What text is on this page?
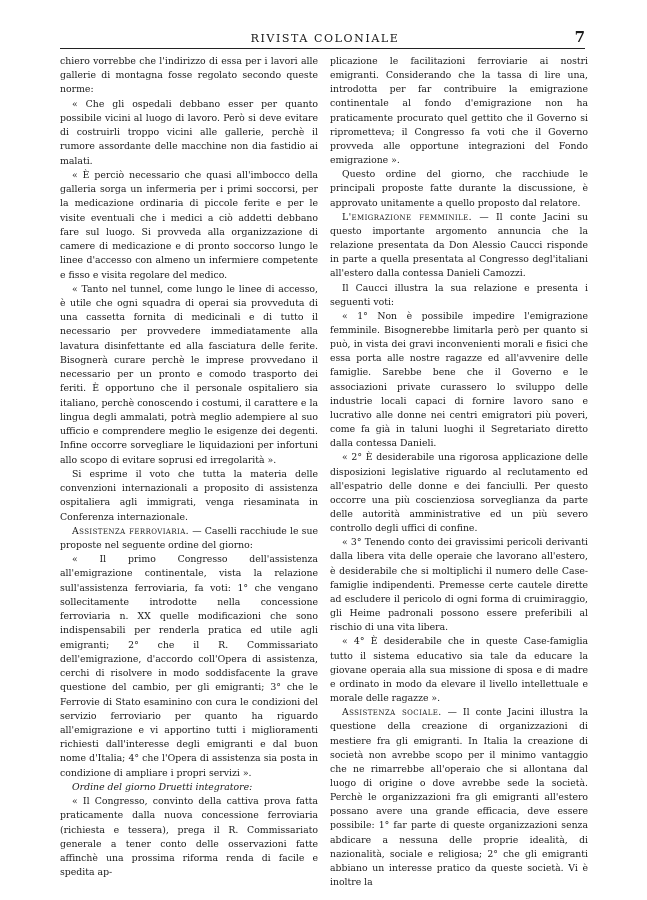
RIVISTA COLONIALE	7

chiero vorrebbe che l'indirizzo di essa per i lavori alle gallerie di montagna fosse regolato secondo queste norme:

« Che gli ospedali debbano esser per quanto possibile vicini al luogo di lavoro. Però si deve evitare di costruirli troppo vicini alle gallerie, perchè il rumore assordante delle macchine non dia fastidio ai malati.

« È perciò necessario che quasi all'imbocco della galleria sorga un infermeria per i primi soccorsi, per la medicazione ordinaria di piccole ferite e per le visite eventuali che i medici a ciò addetti debbano fare sul luogo. Si provveda alla organizzazione di camere di medicazione e di pronto soccorso lungo le linee d'accesso con almeno un infermiere competente e fisso e visita regolare del medico.

« Tanto nel tunnel, come lungo le linee di accesso, è utile che ogni squadra di operai sia provveduta di una cassetta fornita di medicinali e di tutto il necessario per provvedere immediatamente alla lavatura disinfettante ed alla fasciatura delle ferite. Bisognerà curare perchè le imprese provvedano il necessario per un pronto e comodo trasporto dei feriti. È opportuno che il personale ospitaliero sia italiano, perchè conoscendo i costumi, il carattere e la lingua degli ammalati, potrà meglio adempiere al suo ufficio e comprendere meglio le esigenze dei degenti. Infine occorre sorvegliare le liquidazioni per infortuni allo scopo di evitare soprusi ed irregolarità ».

Si esprime il voto che tutta la materia delle convenzioni internazionali a proposito di assistenza ospitaliera agli immigrati, venga riesaminata in Conferenza internazionale.

Assistenza ferroviaria. — Caselli racchiude le sue proposte nel seguente ordine del giorno:

« Il primo Congresso dell'assistenza all'emigrazione continentale, vista la relazione sull'assistenza ferroviaria, fa voti: 1° che vengano sollecitamente introdotte nella concessione ferroviaria n. XX quelle modificazioni che sono indispensabili per renderla pratica ed utile agli emigranti; 2° che il R. Commissariato dell'emigrazione, d'accordo coll'Opera di assistenza, cerchi di risolvere in modo soddisfacente la grave questione del cambio, per gli emigranti; 3° che le Ferrovie di Stato esaminino con cura le condizioni del servizio ferroviario per quanto ha riguardo all'emigrazione e vi apportino tutti i miglioramenti richiesti dall'interesse degli emigranti e dal buon nome d'Italia; 4° che l'Opera di assistenza sia posta in condizione di ampliare i propri servizi ».

Ordine del giorno Druetti integratore:

« Il Congresso, convinto della cattiva prova fatta praticamente dalla nuova concessione ferroviaria (richiesta e tessera), prega il R. Commissariato generale a tener conto delle osservazioni fatte affinchè una prossima riforma renda di facile e spedita ap-

plicazione le facilitazioni ferroviarie ai nostri emigranti. Considerando che la tassa di lire una, introdotta per far contribuire la emigrazione continentale al fondo d'emigrazione non ha praticamente procurato quel gettito che il Governo si riprometteva; il Congresso fa voti che il Governo provveda alle opportune integrazioni del Fondo emigrazione ».

Questo ordine del giorno, che racchiude le principali proposte fatte durante la discussione, è approvato unitamente a quello proposto dal relatore.

L'emigrazione femminile. — Il conte Jacini su questo importante argomento annuncia che la relazione presentata da Don Alessio Caucci risponde in parte a quella presentata al Congresso degl'italiani all'estero dalla contessa Danieli Camozzi.

Il Caucci illustra la sua relazione e presenta i seguenti voti:

« 1° Non è possibile impedire l'emigrazione femminile. Bisognerebbe limitarla però per quanto si può, in vista dei gravi inconvenienti morali e fisici che essa porta alle nostre ragazze ed all'avvenire delle famiglie. Sarebbe bene che il Governo e le associazioni private curassero lo sviluppo delle industrie locali capaci di fornire lavoro sano e lucrativo alle donne nei centri emigratori più poveri, come fa già in taluni luoghi il Segretariato diretto dalla contessa Danieli.

« 2° È desiderabile una rigorosa applicazione delle disposizioni legislative riguardo al reclutamento ed all'espatrio delle donne e dei fanciulli. Per questo occorre una più coscienziosa sorveglianza da parte delle autorità amministrative ed un più severo controllo degli uffici di confine.

« 3° Tenendo conto dei gravissimi pericoli derivanti dalla libera vita delle operaie che lavorano all'estero, è desiderabile che si moltiplichi il numero delle Case-famiglie indipendenti. Premesse certe cautele dirette ad escludere il pericolo di ogni forma di cruimiraggio, gli Heime padronali possono essere preferibili al rischio di una vita libera.

« 4° È desiderabile che in queste Case-famiglia tutto il sistema educativo sia tale da educare la giovane operaia alla sua missione di sposa e di madre e ordinato in modo da elevare il livello intellettuale e morale delle ragazze ».

Assistenza sociale. — Il conte Jacini illustra la questione della creazione di organizzazioni di mestiere fra gli emigranti. In Italia la creazione di società non avrebbe scopo per il minimo vantaggio che ne rimarrebbe all'operaio che si allontana dal luogo di origine o dove avrebbe sede la società. Perchè le organizzazioni fra gli emigranti all'estero possano avere una grande efficacia, deve essere possibile: 1° far parte di queste organizzazioni senza abdicare a nessuna delle proprie idealità, di nazionalità, sociale e religiosa; 2° che gli emigranti abbiano un interesse pratico da queste società. Vi è inoltre la
